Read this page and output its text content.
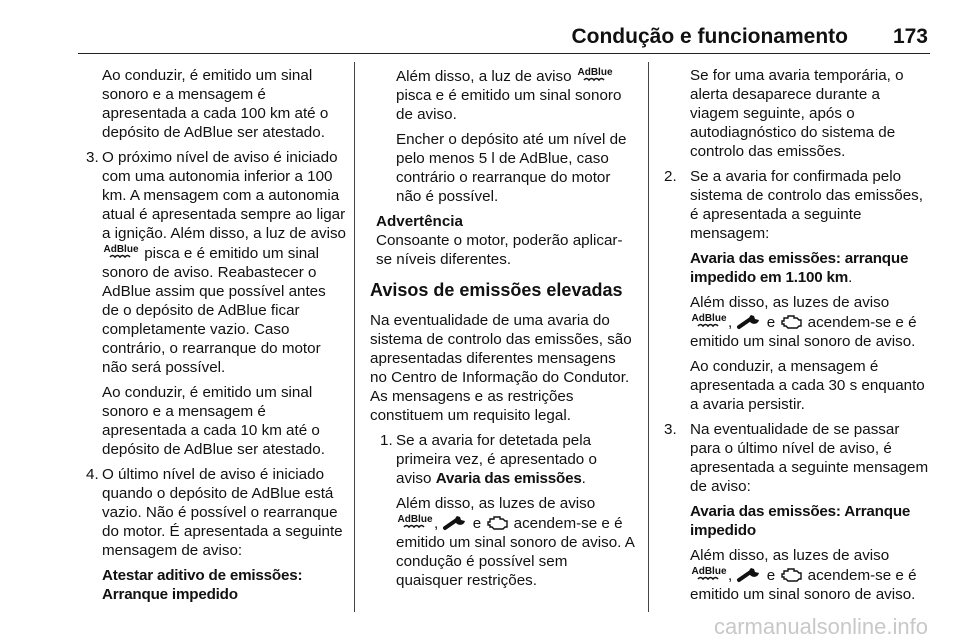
Condução e funcionamento 173

Ao conduzir, é emitido um sinal sonoro e a mensagem é apresentada a cada 100 km até o depósito de AdBlue ser atestado.

3. O próximo nível de aviso é iniciado com uma autonomia inferior a 100 km. A mensagem com a autonomia atual é apresentada sempre ao ligar a ignição. Além disso, a luz de aviso  pisca e é emitido um sinal sonoro de aviso. Reabastecer o AdBlue assim que possível antes de o depósito de AdBlue ficar completamente vazio. Caso contrário, o rearranque do motor não será possível.

Ao conduzir, é emitido um sinal sonoro e a mensagem é apresentada a cada 10 km até o depósito de AdBlue ser atestado.

4. O último nível de aviso é iniciado quando o depósito de AdBlue está vazio. Não é possível o rearranque do motor. É apresentada a seguinte mensagem de aviso:

Atestar aditivo de emissões: Arranque impedido

Além disso, a luz de aviso  pisca e é emitido um sinal sonoro de aviso.

Encher o depósito até um nível de pelo menos 5 l de AdBlue, caso contrário o rearranque do motor não é possível.

Advertência

Consoante o motor, poderão aplicar-se níveis diferentes.

Avisos de emissões elevadas

Na eventualidade de uma avaria do sistema de controlo das emissões, são apresentadas diferentes mensagens no Centro de Informação do Condutor. As mensagens e as restrições constituem um requisito legal.

1. Se a avaria for detetada pela primeira vez, é apresentado o aviso Avaria das emissões.

Além disso, as luzes de aviso , e acendem-se e é emitido um sinal sonoro de aviso. A condução é possível sem quaisquer restrições.

Se for uma avaria temporária, o alerta desaparece durante a viagem seguinte, após o autodiagnóstico do sistema de controlo das emissões.

2. Se a avaria for confirmada pelo sistema de controlo das emissões, é apresentada a seguinte mensagem:

Avaria das emissões: arranque impedido em 1.100 km.

Além disso, as luzes de aviso , e acendem-se e é emitido um sinal sonoro de aviso.

Ao conduzir, a mensagem é apresentada a cada 30 s enquanto a avaria persistir.

3. Na eventualidade de se passar para o último nível de aviso, é apresentada a seguinte mensagem de aviso:

Avaria das emissões: Arranque impedido

Além disso, as luzes de aviso , e acendem-se e é emitido um sinal sonoro de aviso.

carmanualsonline.info
